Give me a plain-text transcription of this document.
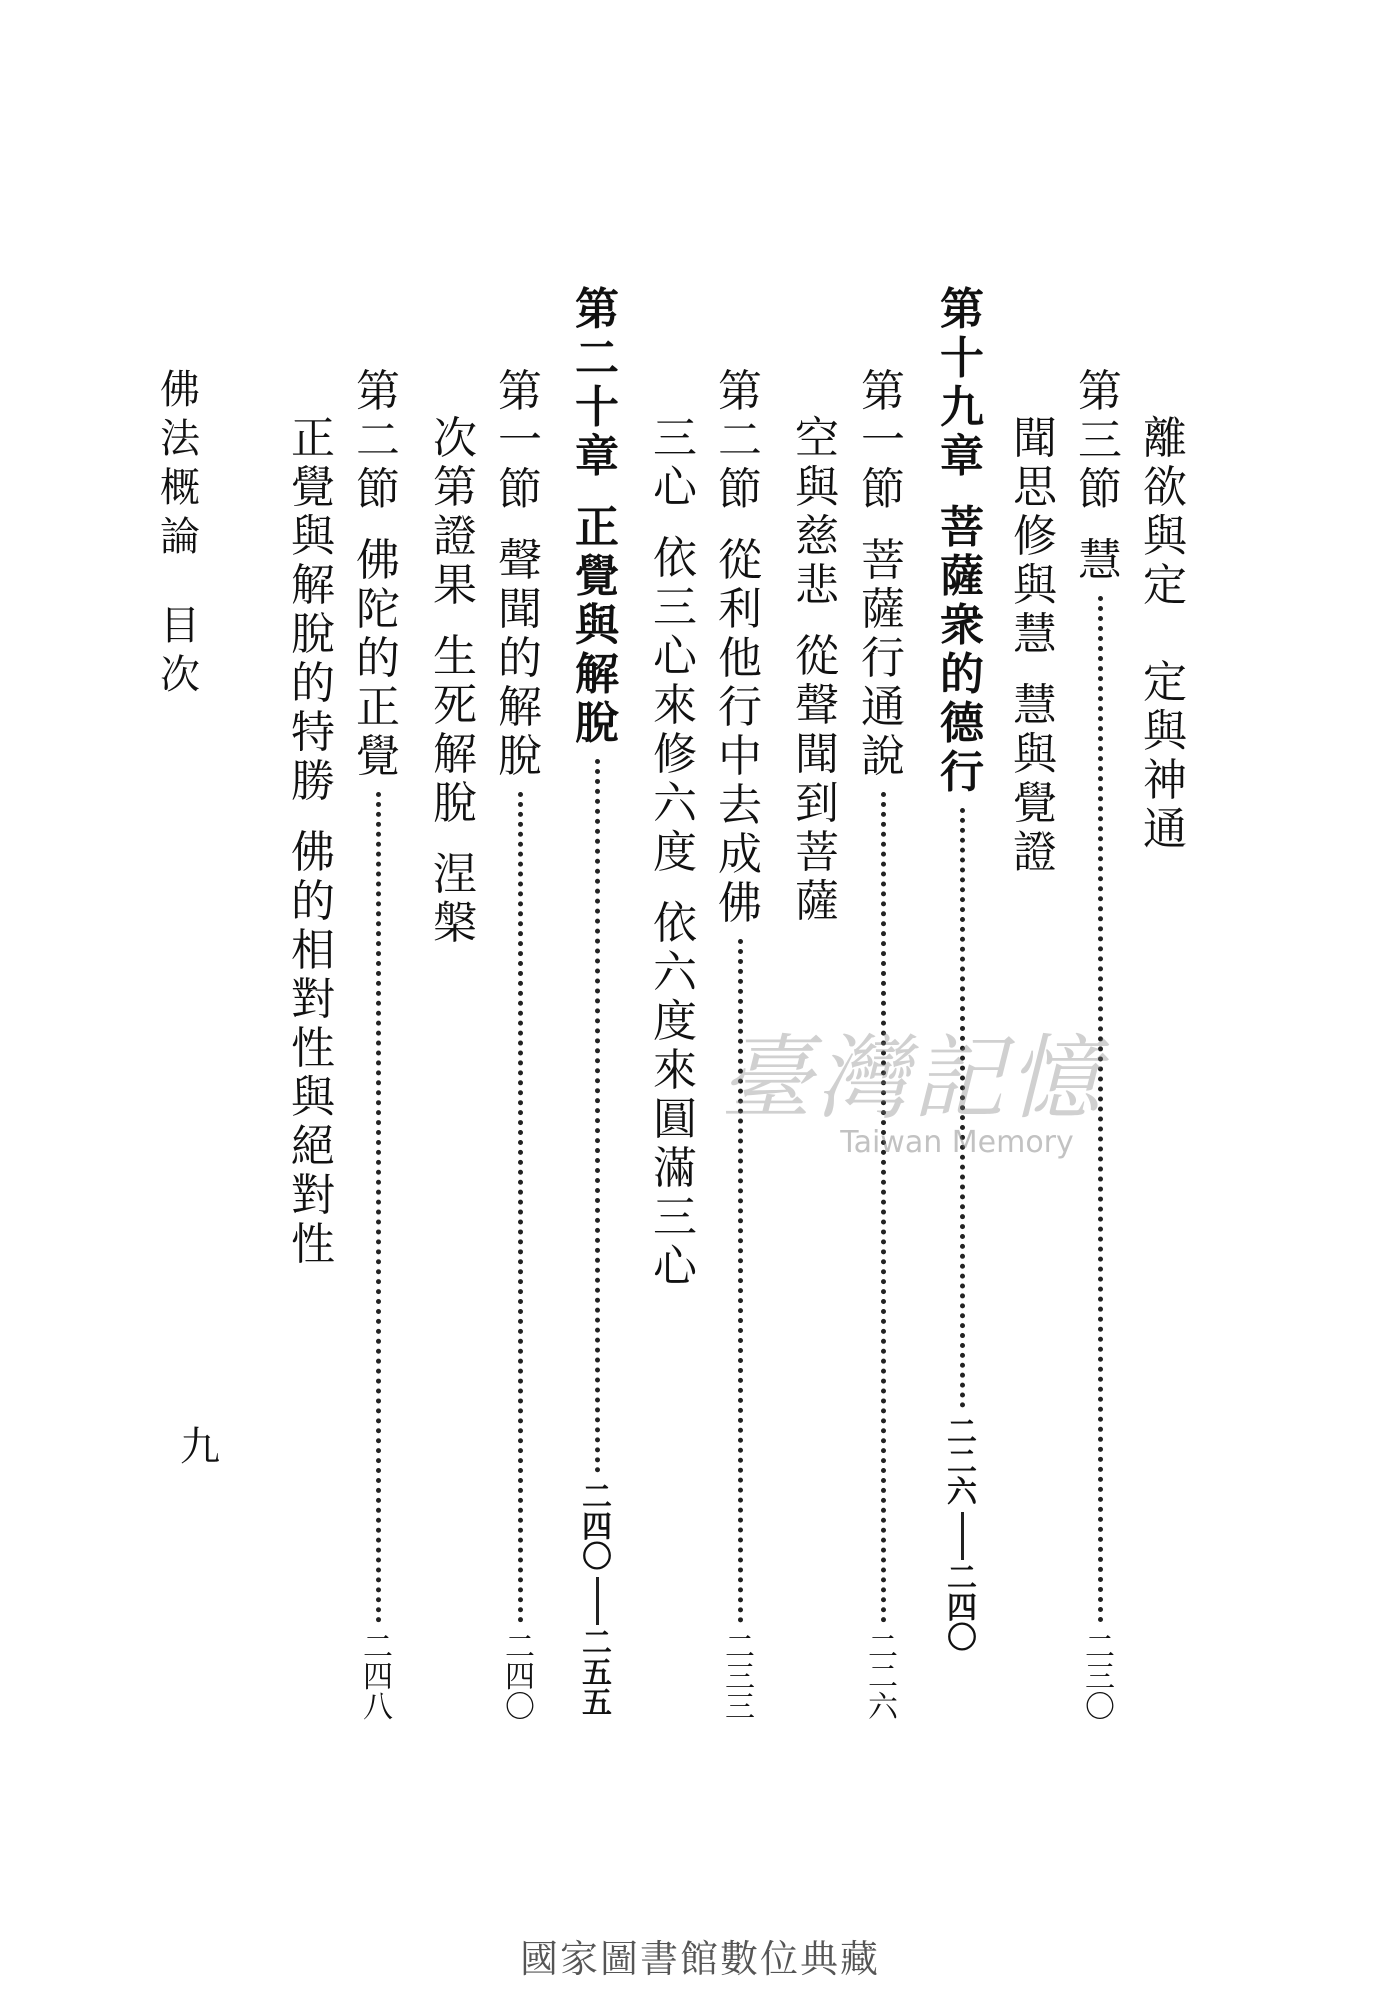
離
欲
與
定
定
與
神
通
第
三
節
慧
二
三
〇
聞
思
修
與
慧
慧
與
覺
證
第
十
九
章
菩
薩
衆
的
德
行
二
二
六
二
四
〇
第
一
節
菩
薩
行
通
說
二
二
六
空
與
慈
悲
從
聲
聞
到
菩
薩
第
二
節
從
利
他
行
中
去
成
佛
二
三
三
三
心
依
三
心
來
修
六
度
依
六
度
來
圓
滿
三
心
第
二
十
章
正
覺
與
解
脫
二
四
〇
二
五
五
第
一
節
聲
聞
的
解
脫
二
四
〇
次
第
證
果
生
死
解
脫
涅
槃
第
二
節
佛
陀
的
正
覺
二
四
八
正
覺
與
解
脫
的
特
勝
佛
的
相
對
性
與
絕
對
性
佛
法
概
論
目
次
九
臺灣記憶
Taiwan Memory
國家圖書館數位典藏
